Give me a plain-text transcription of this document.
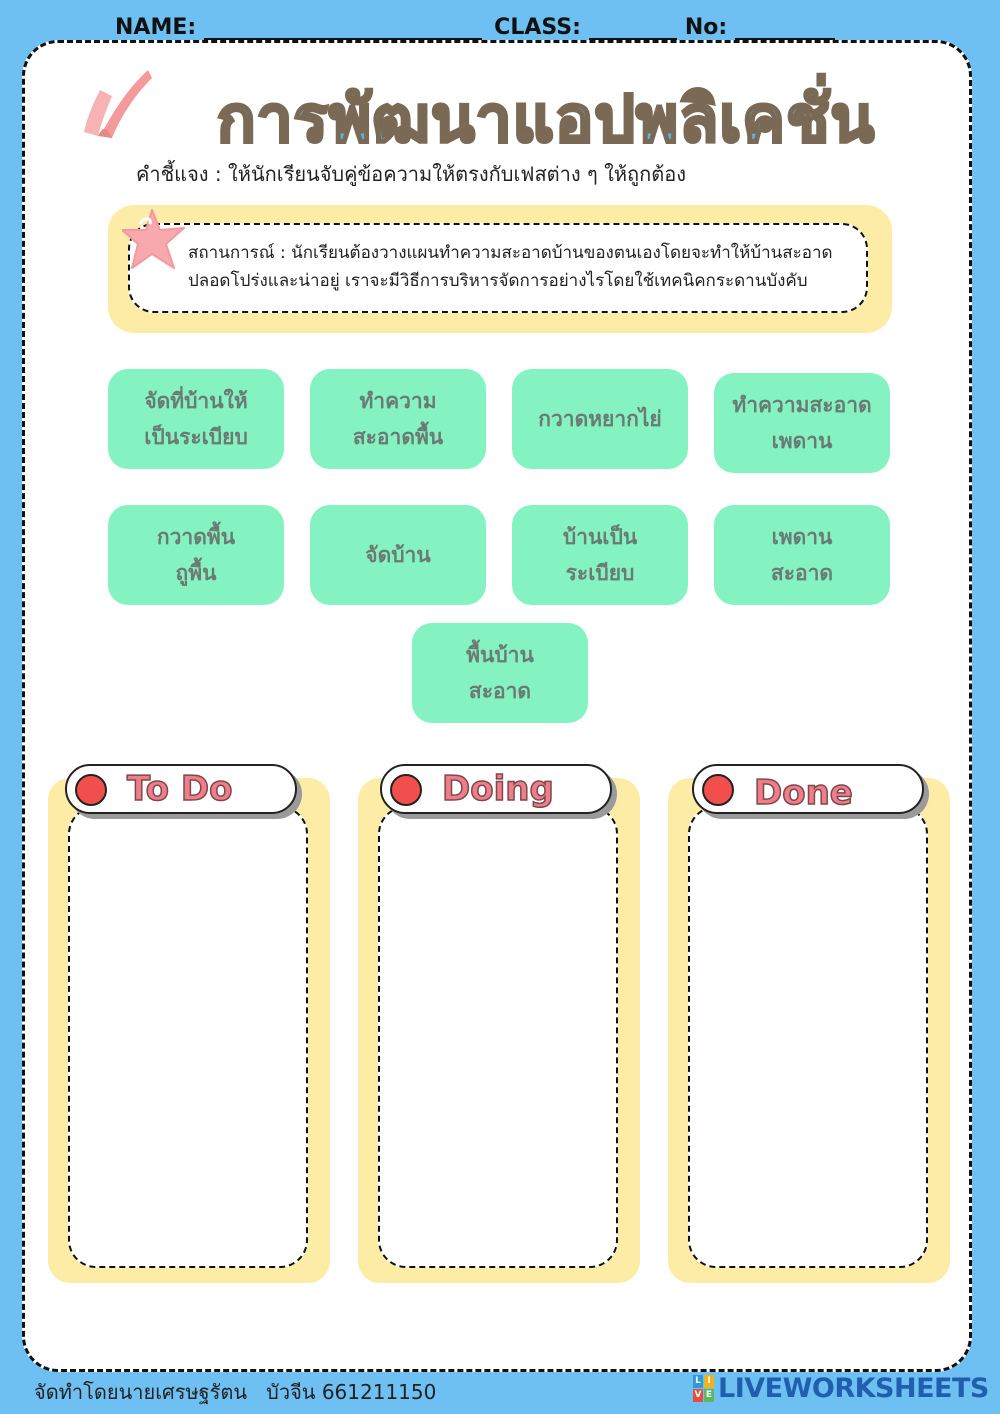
NAME:	CLASS:	No:
การพัฒนาแอปพลิเคชั่น
คำชี้แจง : ให้นักเรียนจับคู่ข้อความให้ตรงกับเฟสต่าง ๆ ให้ถูกต้อง
สถานการณ์ : นักเรียนต้องวางแผนทำความสะอาดบ้านของตนเองโดยจะทำให้บ้านสะอาด
ปลอดโปร่งและน่าอยู่ เราจะมีวิธีการบริหารจัดการอย่างไรโดยใช้เทคนิคกระดานบังคับ
จัดที่บ้านให้
เป็นระเบียบ
ทำความ
สะอาดพื้น
กวาดหยากไย่
ทำความสะอาด
เพดาน
กวาดพื้น
ถูพื้น
จัดบ้าน
บ้านเป็น
ระเบียบ
เพดาน
สะอาด
พื้นบ้าน
สะอาด
To Do	Doing	Done
จัดทำโดยนายเศรษฐรัตน   บัวจีน 661211150	L I
V E LIVEWORKSHEETS
